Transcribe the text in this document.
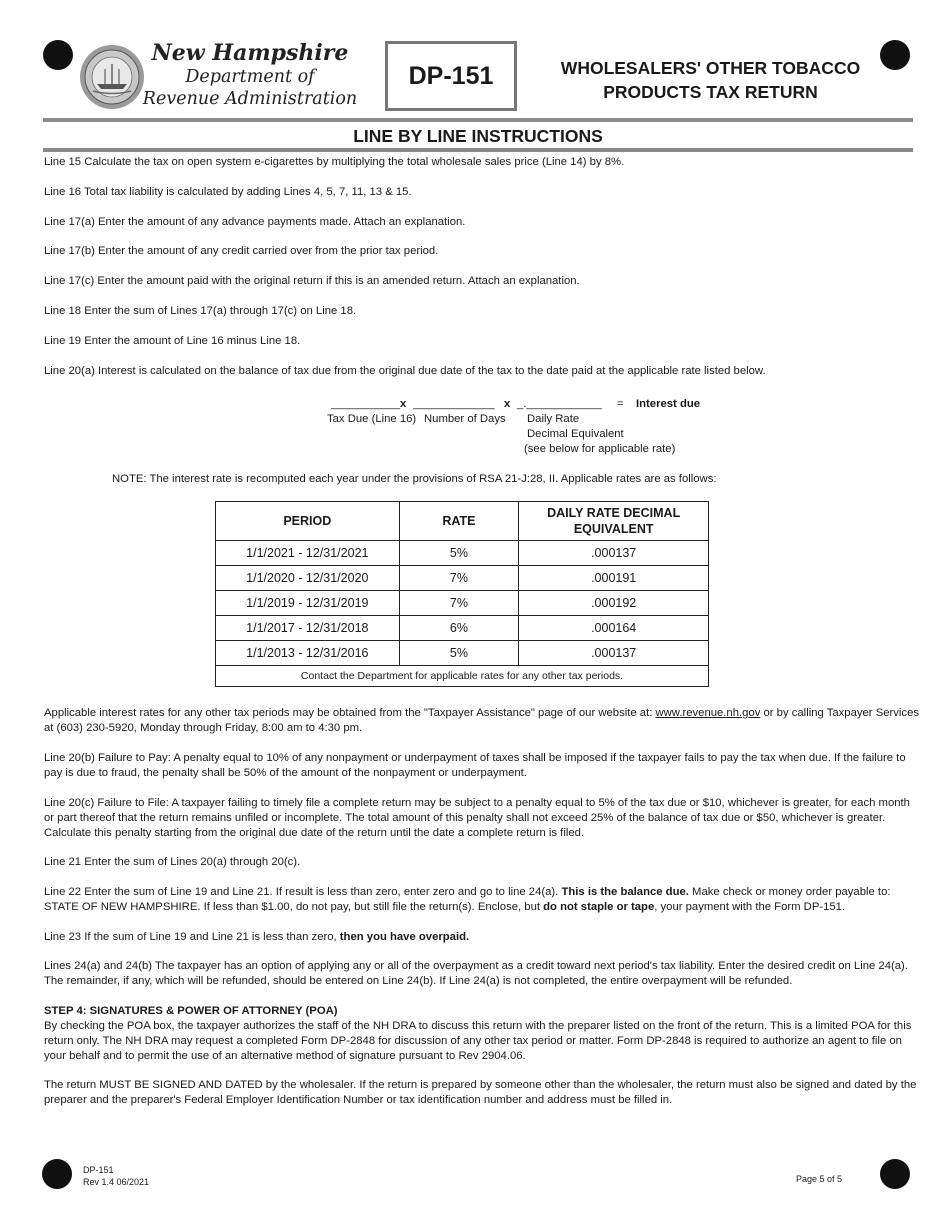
New Hampshire
Department of
Revenue Administration
DP-151	WHOLESALERS' OTHER TOBACCO
PRODUCTS TAX RETURN
LINE BY LINE INSTRUCTIONS

Line 15 Calculate the tax on open system e-cigarettes by multiplying the total wholesale sales price (Line 14) by 8%.

Line 16 Total tax liability is calculated by adding Lines 4, 5, 7, 11, 13 & 15.

Line 17(a) Enter the amount of any advance payments made. Attach an explanation.

Line 17(b) Enter the amount of any credit carried over from the prior tax period.

Line 17(c) Enter the amount paid with the original return if this is an amended return. Attach an explanation.

Line 18 Enter the sum of Lines 17(a) through 17(c) on Line 18.

Line 19 Enter the amount of Line 16 minus Line 18.

Line 20(a) Interest is calculated on the balance of tax due from the original due date of the tax to the date paid at the applicable rate listed below.

___________ x _____________ x _.____________ = Interest due
Tax Due (Line 16) Number of Days Daily Rate
Decimal Equivalent
(see below for applicable rate)

NOTE: The interest rate is recomputed each year under the provisions of RSA 21-J:28, II. Applicable rates are as follows:

PERIOD	RATE	DAILY RATE DECIMAL EQUIVALENT
1/1/2021 - 12/31/2021	5%	.000137
1/1/2020 - 12/31/2020	7%	.000191
1/1/2019 - 12/31/2019	7%	.000192
1/1/2017 - 12/31/2018	6%	.000164
1/1/2013 - 12/31/2016	5%	.000137
Contact the Department for applicable rates for any other tax periods.		

Applicable interest rates for any other tax periods may be obtained from the "Taxpayer Assistance" page of our website at: www.revenue.nh.gov or by calling Taxpayer Services at (603) 230-5920, Monday through Friday, 8:00 am to 4:30 pm.

Line 20(b) Failure to Pay: A penalty equal to 10% of any nonpayment or underpayment of taxes shall be imposed if the taxpayer fails to pay the tax when due. If the failure to pay is due to fraud, the penalty shall be 50% of the amount of the nonpayment or underpayment.

Line 20(c) Failure to File: A taxpayer failing to timely file a complete return may be subject to a penalty equal to 5% of the tax due or $10, whichever is greater, for each month or part thereof that the return remains unfiled or incomplete. The total amount of this penalty shall not exceed 25% of the balance of tax due or $50, whichever is greater. Calculate this penalty starting from the original due date of the return until the date a complete return is filed.

Line 21 Enter the sum of Lines 20(a) through 20(c).

Line 22 Enter the sum of Line 19 and Line 21. If result is less than zero, enter zero and go to line 24(a). This is the balance due. Make check or money order payable to: STATE OF NEW HAMPSHIRE. If less than $1.00, do not pay, but still file the return(s). Enclose, but do not staple or tape, your payment with the Form DP-151.

Line 23 If the sum of Line 19 and Line 21 is less than zero, then you have overpaid.

Lines 24(a) and 24(b) The taxpayer has an option of applying any or all of the overpayment as a credit toward next period's tax liability. Enter the desired credit on Line 24(a). The remainder, if any, which will be refunded, should be entered on Line 24(b). If Line 24(a) is not completed, the entire overpayment will be refunded.

STEP 4: SIGNATURES & POWER OF ATTORNEY (POA)

By checking the POA box, the taxpayer authorizes the staff of the NH DRA to discuss this return with the preparer listed on the front of the return. This is a limited POA for this return only. The NH DRA may request a completed Form DP-2848 for discussion of any other tax period or matter. Form DP-2848 is required to authorize an agent to file on your behalf and to permit the use of an alternative method of signature pursuant to Rev 2904.06.

The return MUST BE SIGNED AND DATED by the wholesaler. If the return is prepared by someone other than the wholesaler, the return must also be signed and dated by the preparer and the preparer's Federal Employer Identification Number or tax identification number and address must be filled in.

DP-151
Rev 1.4 06/2021	Page 5 of 5
